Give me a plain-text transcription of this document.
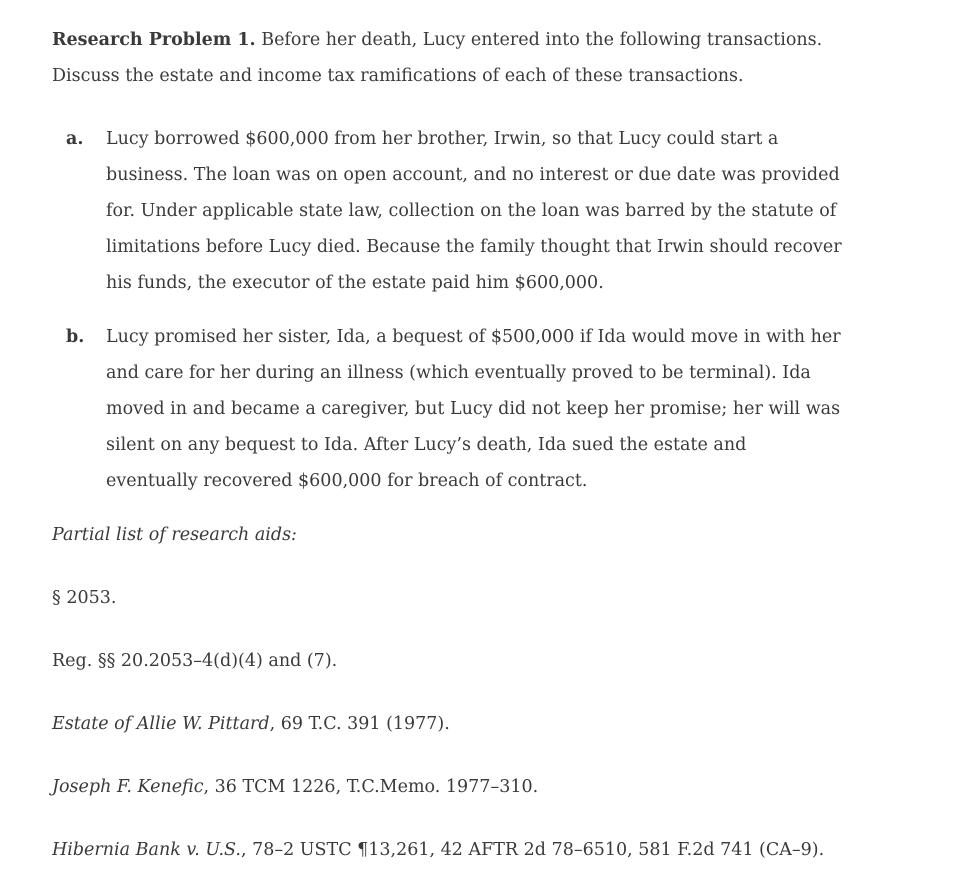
Research Problem 1. Before her death, Lucy entered into the following transactions. Discuss the estate and income tax ramifications of each of these transactions.

a. Lucy borrowed $600,000 from her brother, Irwin, so that Lucy could start a business. The loan was on open account, and no interest or due date was provided for. Under applicable state law, collection on the loan was barred by the statute of limitations before Lucy died. Because the family thought that Irwin should recover his funds, the executor of the estate paid him $600,000.
b. Lucy promised her sister, Ida, a bequest of $500,000 if Ida would move in with her and care for her during an illness (which eventually proved to be terminal). Ida moved in and became a caregiver, but Lucy did not keep her promise; her will was silent on any bequest to Ida. After Lucy’s death, Ida sued the estate and eventually recovered $600,000 for breach of contract.

Partial list of research aids:

§ 2053.

Reg. §§ 20.2053–4(d)(4) and (7).

Estate of Allie W. Pittard, 69 T.C. 391 (1977).

Joseph F. Kenefic, 36 TCM 1226, T.C.Memo. 1977–310.

Hibernia Bank v. U.S., 78–2 USTC ¶13,261, 42 AFTR 2d 78–6510, 581 F.2d 741 (CA–9).
